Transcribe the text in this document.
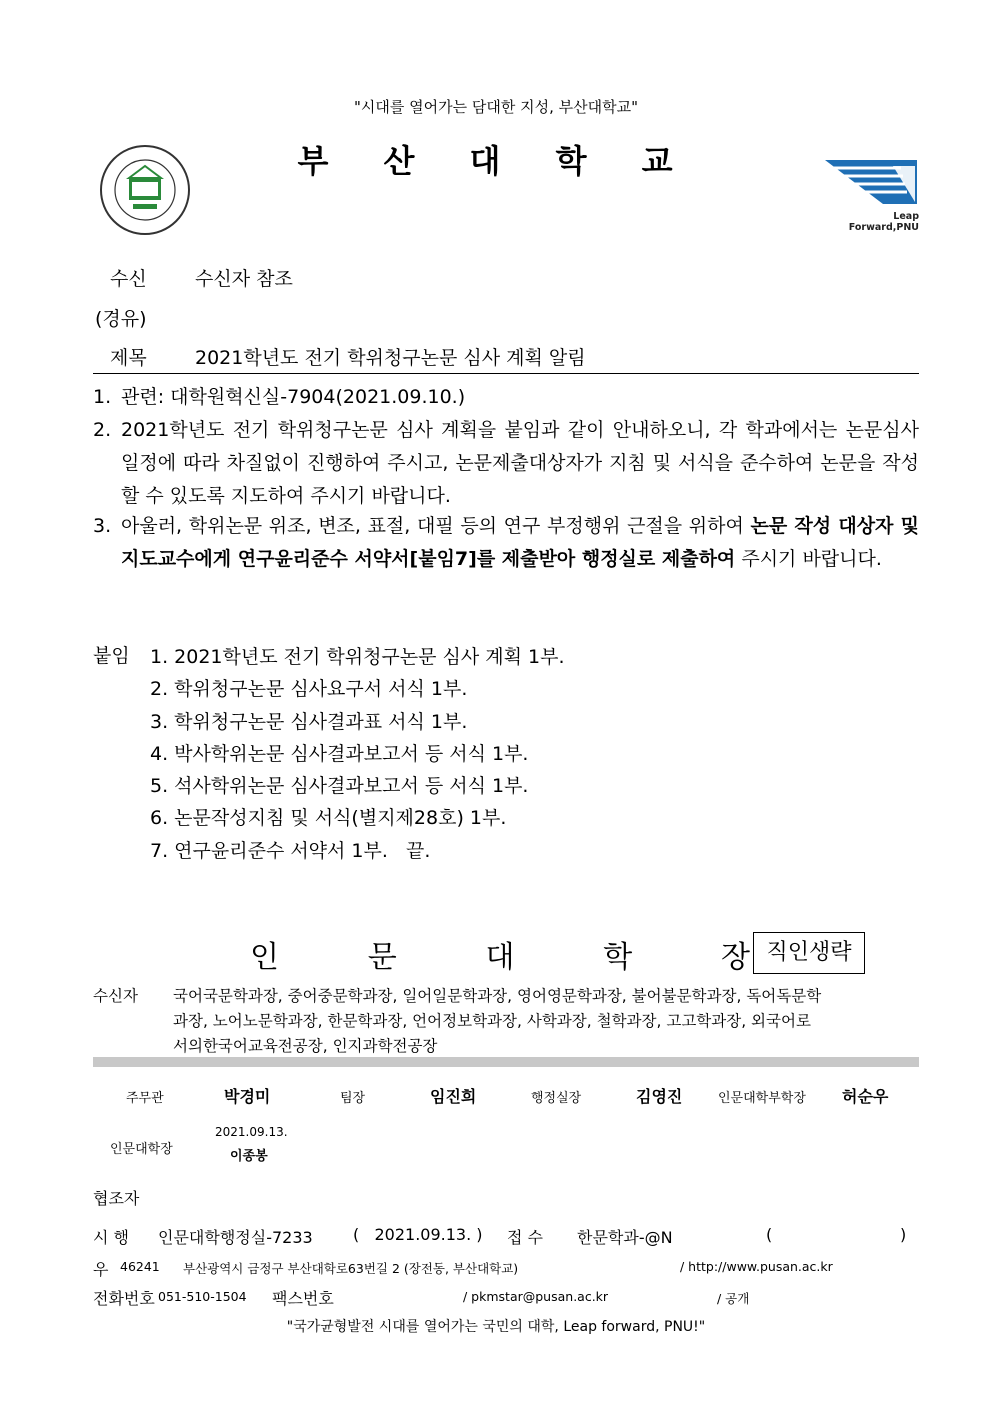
"시대를 열어가는 담대한 지성, 부산대학교"
부 산 대 학 교
Leap Forward,PNU
수신	수신자 참조
(경유)
제목	2021학년도 전기 학위청구논문 심사 계획 알림
1. 관련: 대학원혁신실-7904(2021.09.10.)
2. 2021학년도 전기 학위청구논문 심사 계획을 붙임과 같이 안내하오니, 각 학과에서는 논문심사 일정에 따라 차질없이 진행하여 주시고, 논문제출대상자가 지침 및 서식을 준수하여 논문을 작성 할 수 있도록 지도하여 주시기 바랍니다.
3. 아울러, 학위논문 위조, 변조, 표절, 대필 등의 연구 부정행위 근절을 위하여 논문 작성 대상자 및 지도교수에게 연구윤리준수 서약서[붙임7]를 제출받아 행정실로 제출하여 주시기 바랍니다.
붙임 1. 2021학년도 전기 학위청구논문 심사 계획 1부.
2. 학위청구논문 심사요구서 서식 1부.
3. 학위청구논문 심사결과표 서식 1부.
4. 박사학위논문 심사결과보고서 등 서식 1부.
5. 석사학위논문 심사결과보고서 등 서식 1부.
6. 논문작성지침 및 서식(별지제28호) 1부.
7. 연구윤리준수 서약서 1부.   끝.
인	문	대	학	장 직인생략
수신자 국어국문학과장, 중어중문학과장, 일어일문학과장, 영어영문학과장, 불어불문학과장, 독어독문학
과장, 노어노문학과장, 한문학과장, 언어정보학과장, 사학과장, 철학과장, 고고학과장, 외국어로
서의한국어교육전공장, 인지과학전공장
주무관	박경미	팀장	임진희	행정실장	김영진	인문대학부학장 허순우
인문대학장
2021.09.13.
이종봉
협조자
시 행 인문대학행정실-7233	(   2021.09.13. ) 접 수 한문학과-@N	(	)
우 46241 부산광역시 금정구 부산대학로63번길 2 (장전동, 부산대학교)	/ http://www.pusan.ac.kr
전화번호 051-510-1504 팩스번호	/ pkmstar@pusan.ac.kr	/ 공개
"국가균형발전 시대를 열어가는 국민의 대학, Leap forward, PNU!"
